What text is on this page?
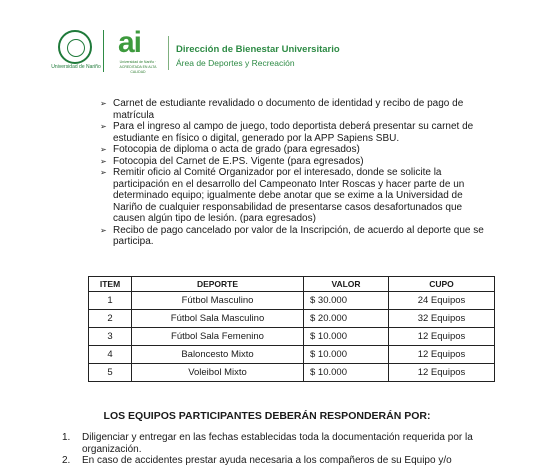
Universidad de Nariño
ai
Universidad de Nariño · ACREDITADA EN ALTA CALIDAD
Dirección de Bienestar Universitario
Área de Deportes y Recreación
➢ Carnet de estudiante revalidado o documento de identidad y recibo de pago de matrícula
➢ Para el ingreso al campo de juego, todo deportista deberá presentar su carnet de estudiante en físico o digital, generado por la APP Sapiens SBU.
➢ Fotocopia de diploma o acta de grado (para egresados)
➢ Fotocopia del Carnet de E.PS. Vigente (para egresados)
➢ Remitir oficio al Comité Organizador por el interesado, donde se solicite la participación en el desarrollo del Campeonato Inter Roscas y hacer parte de un determinado equipo; igualmente debe anotar que se exime a la Universidad de Nariño de cualquier responsabilidad de presentarse casos desafortunados que causen algún tipo de lesión. (para egresados)
➢ Recibo de pago cancelado por valor de la Inscripción, de acuerdo al deporte que se participa.
ITEM	DEPORTE	VALOR	CUPO
1	Fútbol Masculino	$ 30.000	24 Equipos
2	Fútbol Sala Masculino	$ 20.000	32 Equipos
3	Fútbol Sala Femenino	$ 10.000	12 Equipos
4	Baloncesto Mixto	$ 10.000	12 Equipos
5	Voleibol Mixto	$ 10.000	12 Equipos
LOS EQUIPOS PARTICIPANTES DEBERÁN RESPONDERÁN POR:
1. Diligenciar y entregar en las fechas establecidas toda la documentación requerida por la organización.
2. En caso de accidentes prestar ayuda necesaria a los compañeros de su Equipo y/o
